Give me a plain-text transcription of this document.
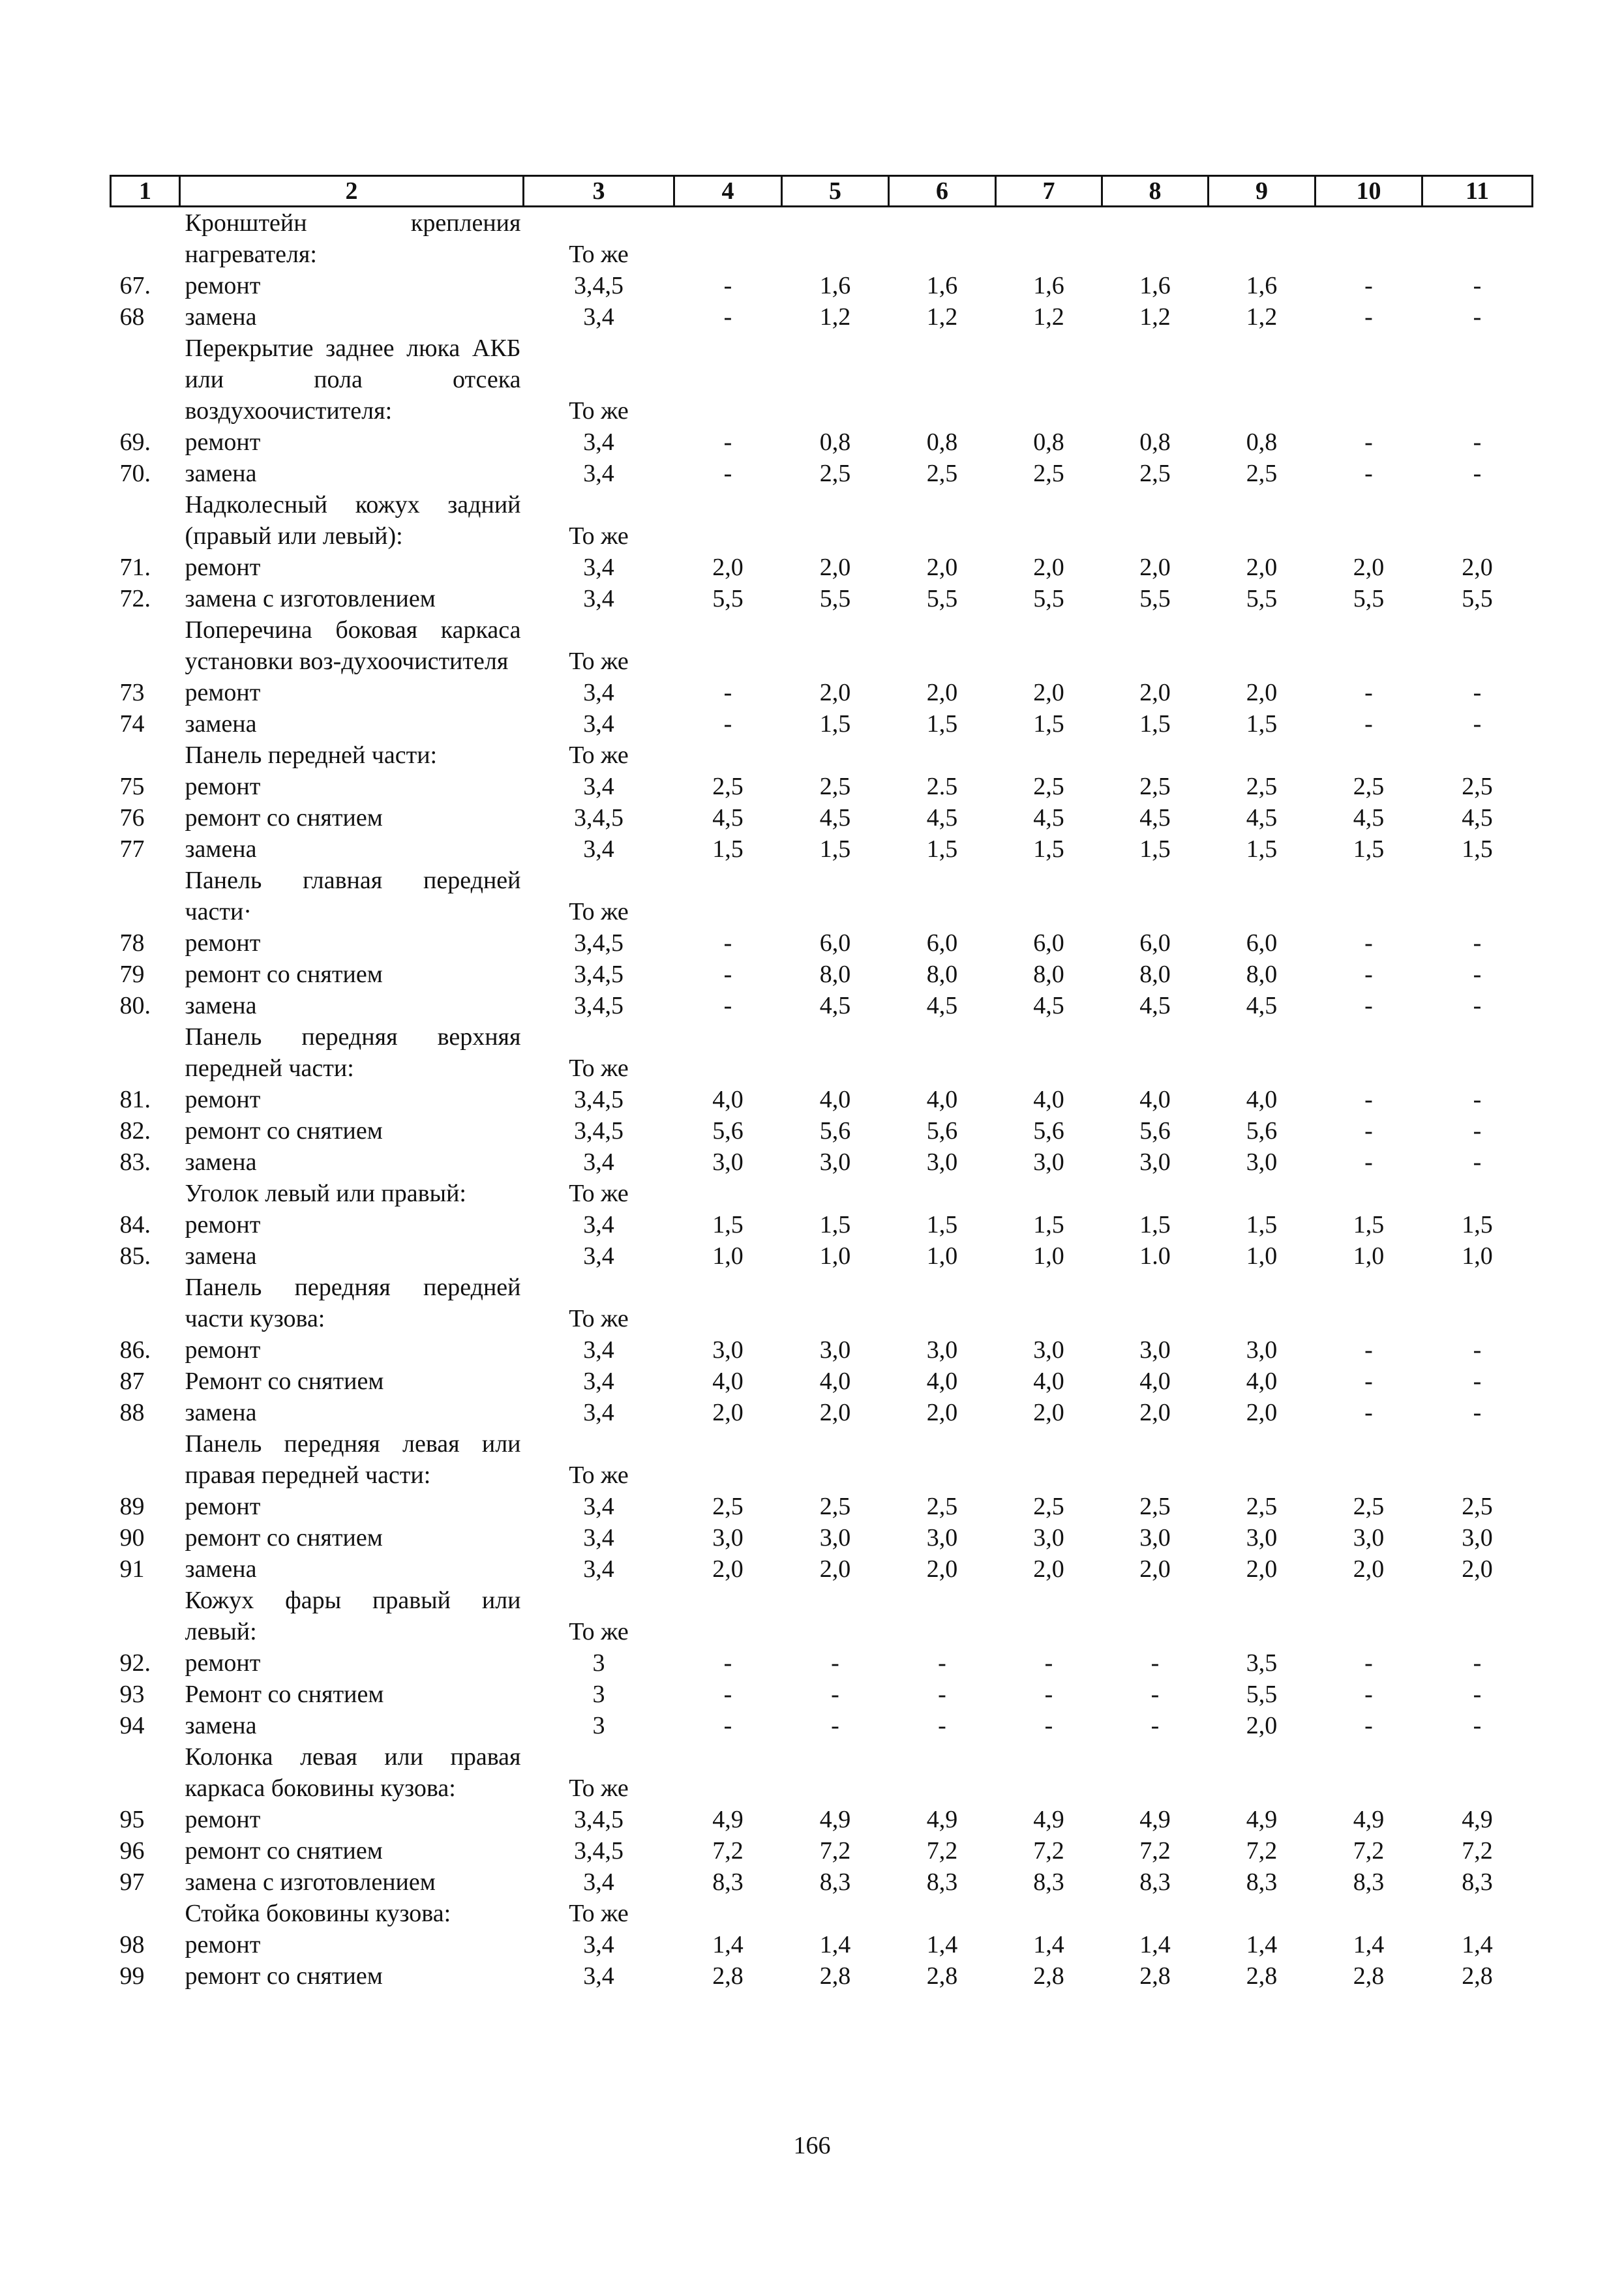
1	2	3	4	5	6	7	8	9	10	11
	Кронштейн крепления нагревателя:	То же								
67.	ремонт	3,4,5	-	1,6	1,6	1,6	1,6	1,6	-	-
68	замена	3,4	-	1,2	1,2	1,2	1,2	1,2	-	-
	Перекрытие заднее люка АКБ или пола отсека воздухоочистителя:	То же								
69.	ремонт	3,4	-	0,8	0,8	0,8	0,8	0,8	-	-
70.	замена	3,4	-	2,5	2,5	2,5	2,5	2,5	-	-
	Надколесный кожух задний (правый или левый):	То же								
71.	ремонт	3,4	2,0	2,0	2,0	2,0	2,0	2,0	2,0	2,0
72.	замена с изготовлением	3,4	5,5	5,5	5,5	5,5	5,5	5,5	5,5	5,5
	Поперечина боковая каркаса установки воз-духоочистителя	То же								
73	ремонт	3,4	-	2,0	2,0	2,0	2,0	2,0	-	-
74	замена	3,4	-	1,5	1,5	1,5	1,5	1,5	-	-
	Панель передней части:	То же								
75	ремонт	3,4	2,5	2,5	2.5	2,5	2,5	2,5	2,5	2,5
76	ремонт со снятием	3,4,5	4,5	4,5	4,5	4,5	4,5	4,5	4,5	4,5
77	замена	3,4	1,5	1,5	1,5	1,5	1,5	1,5	1,5	1,5
	Панель главная передней части·	То же								
78	ремонт	3,4,5	-	6,0	6,0	6,0	6,0	6,0	-	-
79	ремонт со снятием	3,4,5	-	8,0	8,0	8,0	8,0	8,0	-	-
80.	замена	3,4,5	-	4,5	4,5	4,5	4,5	4,5	-	-
	Панель передняя верхняя передней части:	То же								
81.	ремонт	3,4,5	4,0	4,0	4,0	4,0	4,0	4,0	-	-
82.	ремонт со снятием	3,4,5	5,6	5,6	5,6	5,6	5,6	5,6	-	-
83.	замена	3,4	3,0	3,0	3,0	3,0	3,0	3,0	-	-
	Уголок левый или правый:	То же								
84.	ремонт	3,4	1,5	1,5	1,5	1,5	1,5	1,5	1,5	1,5
85.	замена	3,4	1,0	1,0	1,0	1,0	1.0	1,0	1,0	1,0
	Панель передняя передней части кузова:	То же								
86.	ремонт	3,4	3,0	3,0	3,0	3,0	3,0	3,0	-	-
87	Ремонт со снятием	3,4	4,0	4,0	4,0	4,0	4,0	4,0	-	-
88	замена	3,4	2,0	2,0	2,0	2,0	2,0	2,0	-	-
	Панель передняя левая или правая передней части:	То же								
89	ремонт	3,4	2,5	2,5	2,5	2,5	2,5	2,5	2,5	2,5
90	ремонт со снятием	3,4	3,0	3,0	3,0	3,0	3,0	3,0	3,0	3,0
91	замена	3,4	2,0	2,0	2,0	2,0	2,0	2,0	2,0	2,0
	Кожух фары правый или левый:	То же								
92.	ремонт	3	-	-	-	-	-	3,5	-	-
93	Ремонт со снятием	3	-	-	-	-	-	5,5	-	-
94	замена	3	-	-	-	-	-	2,0	-	-
	Колонка левая или правая каркаса боковины кузова:	То же								
95	ремонт	3,4,5	4,9	4,9	4,9	4,9	4,9	4,9	4,9	4,9
96	ремонт со снятием	3,4,5	7,2	7,2	7,2	7,2	7,2	7,2	7,2	7,2
97	замена с изготовлением	3,4	8,3	8,3	8,3	8,3	8,3	8,3	8,3	8,3
	Стойка боковины кузова:	То же								
98	ремонт	3,4	1,4	1,4	1,4	1,4	1,4	1,4	1,4	1,4
99	ремонт со снятием	3,4	2,8	2,8	2,8	2,8	2,8	2,8	2,8	2,8
166
